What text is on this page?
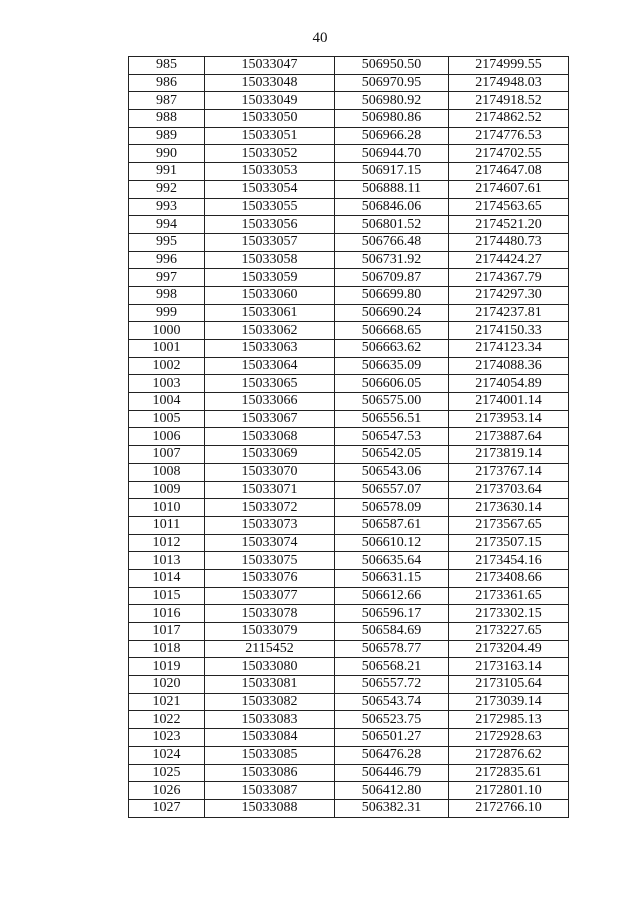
40
985	15033047	506950.50	2174999.55
986	15033048	506970.95	2174948.03
987	15033049	506980.92	2174918.52
988	15033050	506980.86	2174862.52
989	15033051	506966.28	2174776.53
990	15033052	506944.70	2174702.55
991	15033053	506917.15	2174647.08
992	15033054	506888.11	2174607.61
993	15033055	506846.06	2174563.65
994	15033056	506801.52	2174521.20
995	15033057	506766.48	2174480.73
996	15033058	506731.92	2174424.27
997	15033059	506709.87	2174367.79
998	15033060	506699.80	2174297.30
999	15033061	506690.24	2174237.81
1000	15033062	506668.65	2174150.33
1001	15033063	506663.62	2174123.34
1002	15033064	506635.09	2174088.36
1003	15033065	506606.05	2174054.89
1004	15033066	506575.00	2174001.14
1005	15033067	506556.51	2173953.14
1006	15033068	506547.53	2173887.64
1007	15033069	506542.05	2173819.14
1008	15033070	506543.06	2173767.14
1009	15033071	506557.07	2173703.64
1010	15033072	506578.09	2173630.14
1011	15033073	506587.61	2173567.65
1012	15033074	506610.12	2173507.15
1013	15033075	506635.64	2173454.16
1014	15033076	506631.15	2173408.66
1015	15033077	506612.66	2173361.65
1016	15033078	506596.17	2173302.15
1017	15033079	506584.69	2173227.65
1018	2115452	506578.77	2173204.49
1019	15033080	506568.21	2173163.14
1020	15033081	506557.72	2173105.64
1021	15033082	506543.74	2173039.14
1022	15033083	506523.75	2172985.13
1023	15033084	506501.27	2172928.63
1024	15033085	506476.28	2172876.62
1025	15033086	506446.79	2172835.61
1026	15033087	506412.80	2172801.10
1027	15033088	506382.31	2172766.10
